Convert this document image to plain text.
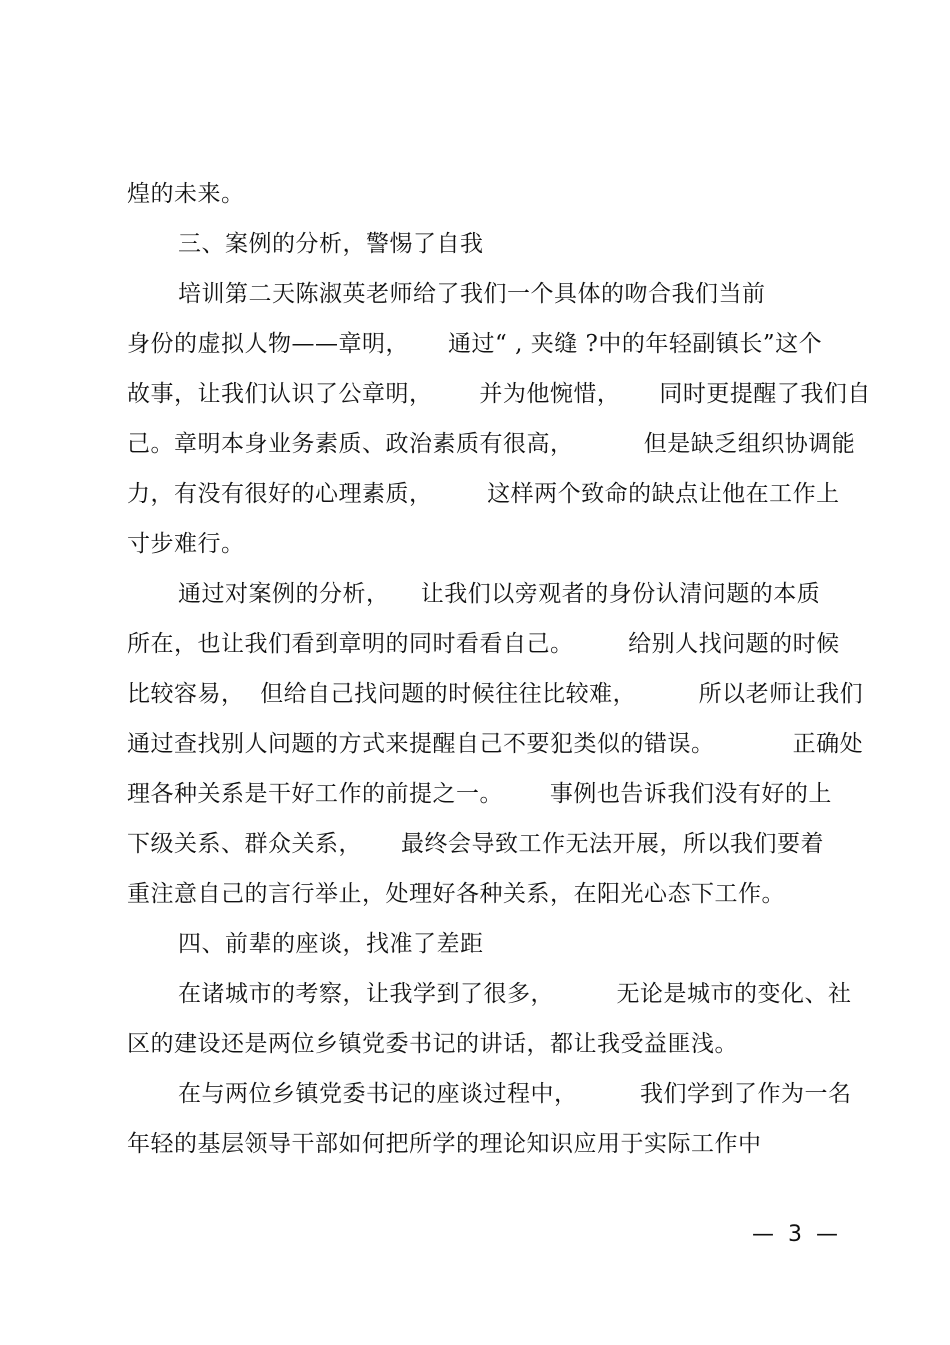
煌的未来。
三、案例的分析，警惕了自我
培训第二天陈淑英老师给了我们一个具体的吻合我们当前
身份的虚拟人物——章明，     通过“ , 夹缝 ?中的年轻副镇长”这个
故事，让我们认识了公章明，      并为他惋惜，     同时更提醒了我们自
己。章明本身业务素质、政治素质有很高，         但是缺乏组织协调能
力，有没有很好的心理素质，       这样两个致命的缺点让他在工作上
寸步难行。
通过对案例的分析，    让我们以旁观者的身份认清问题的本质
所在，也让我们看到章明的同时看看自己。       给别人找问题的时候
比较容易，  但给自己找问题的时候往往比较难，        所以老师让我们
通过查找别人问题的方式来提醒自己不要犯类似的错误。          正确处
理各种关系是干好工作的前提之一。      事例也告诉我们没有好的上
下级关系、群众关系，     最终会导致工作无法开展，所以我们要着
重注意自己的言行举止，处理好各种关系，在阳光心态下工作。
四、前辈的座谈，找准了差距
在诸城市的考察，让我学到了很多，        无论是城市的变化、社
区的建设还是两位乡镇党委书记的讲话，都让我受益匪浅。
在与两位乡镇党委书记的座谈过程中，        我们学到了作为一名
年轻的基层领导干部如何把所学的理论知识应用于实际工作中
—  3  —
